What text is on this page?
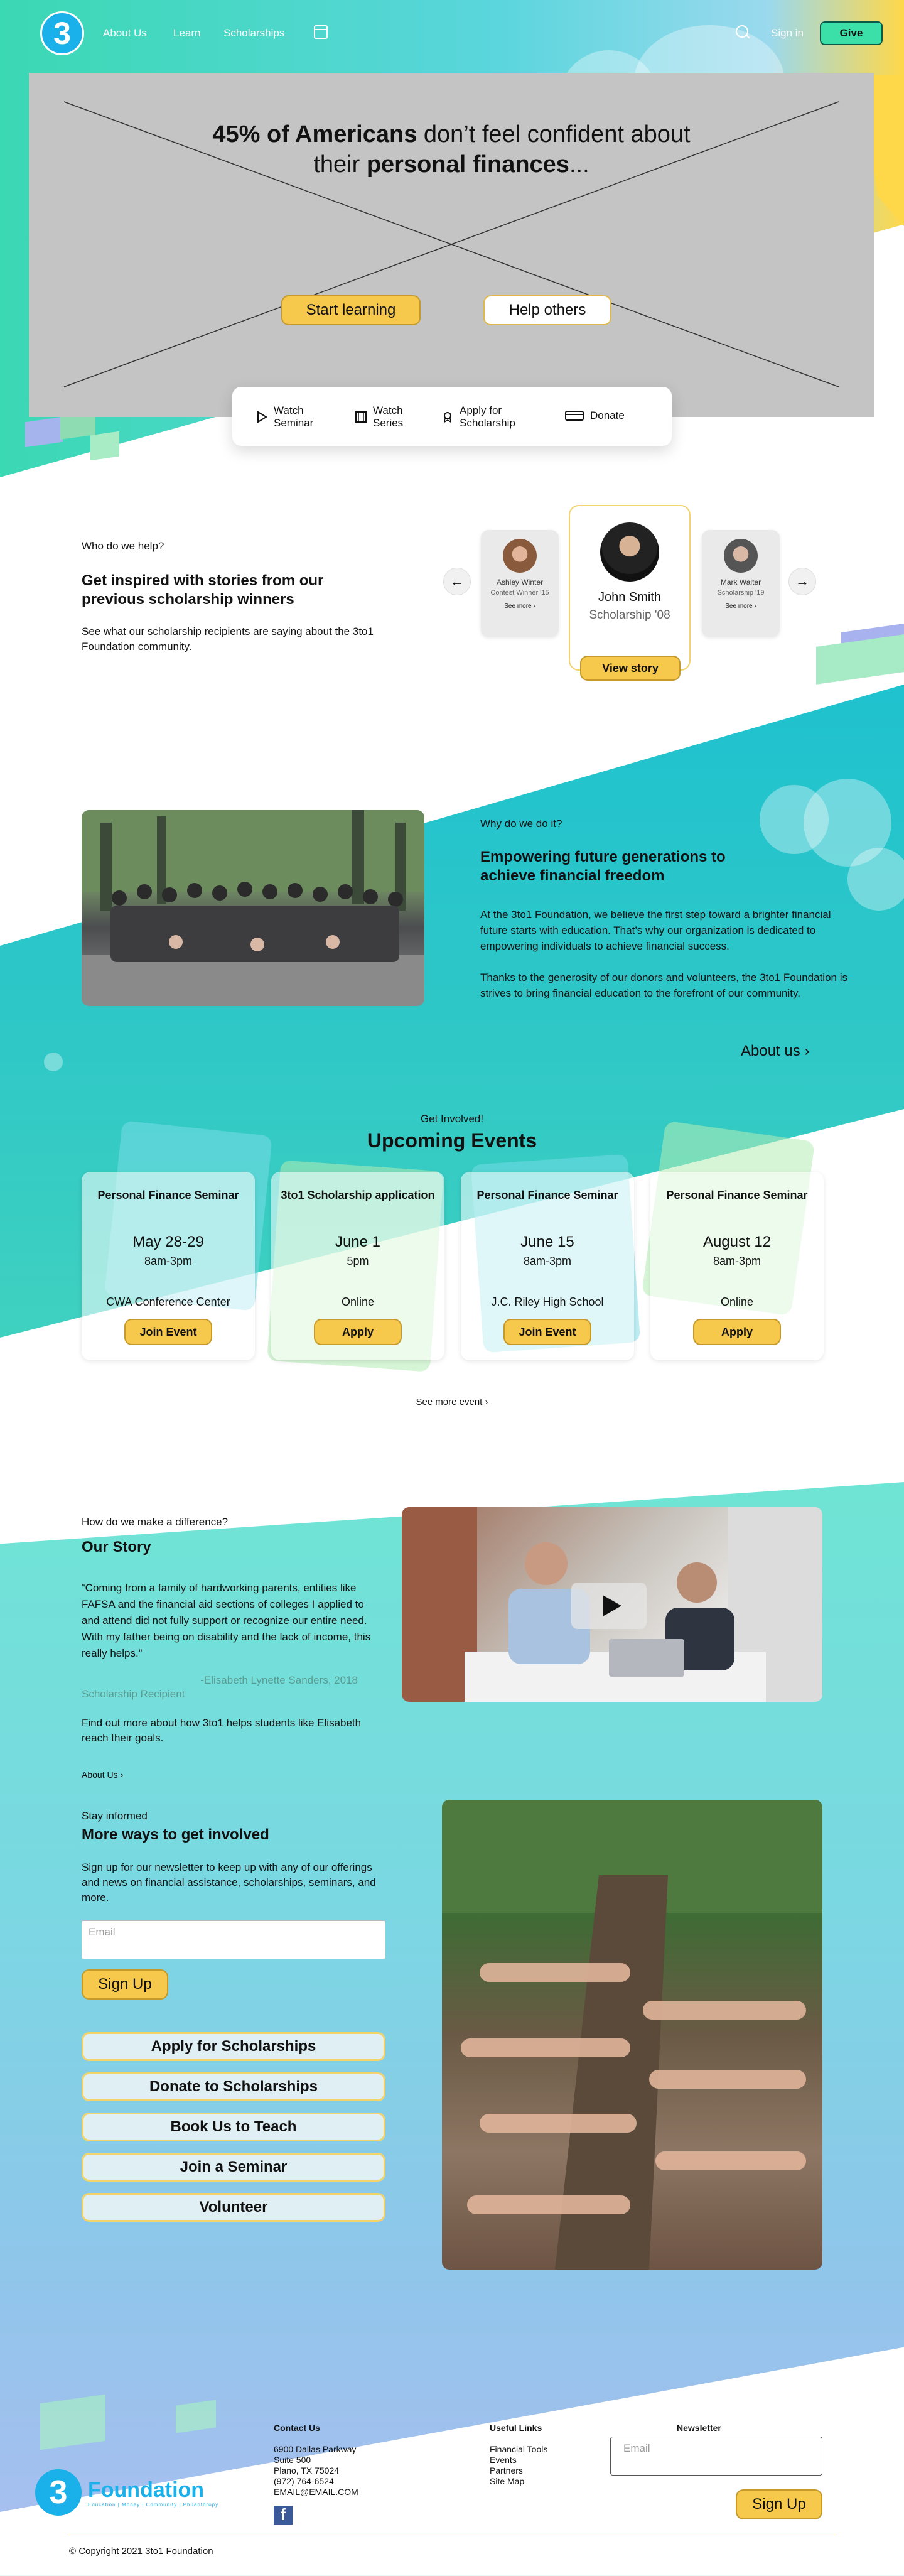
3	About Us Learn Scholarships	Sign in	Give
45% of Americans don’t feel confident about
their personal finances...
Start learning	Help others
Watch
Seminar
Watch
Series
Apply for
Scholarship
Donate
Who do we help?
Get inspired with stories from our previous scholarship winners
See what our scholarship recipients are saying about the 3to1 Foundation community.
←	Ashley Winter
Contest Winner '15
See more ›
John Smith
Scholarship '08
View story
Mark Walter
Scholarship '19
See more ›
→
Why do we do it?
Empowering future generations to achieve financial freedom
At the 3to1 Foundation, we believe the first step toward a brighter financial future starts with education. That’s why our organization is dedicated to empowering individuals to achieve financial success.
Thanks to the generosity of our donors and volunteers, the 3to1 Foundation is strives to bring financial education to the forefront of our community.
About us ›
Get Involved!
Upcoming Events
Personal Finance Seminar
May 28-29
8am-3pm
CWA Conference Center
Join Event
3to1 Scholarship application
June 1
5pm
Online
Apply
Personal Finance Seminar
June 15
8am-3pm
J.C. Riley High School
Join Event
Personal Finance Seminar
August 12
8am-3pm
Online
Apply
See more event ›
How do we make a difference?
Our Story
“Coming from a family of hardworking parents, entities like FAFSA and the financial aid sections of colleges I applied to and attend did not fully support or recognize our entire need. With my father being on disability and the lack of income, this really helps.”
-Elisabeth Lynette Sanders, 2018
Scholarship Recipient
Find out more about how 3to1 helps students like Elisabeth reach their goals.
About Us ›
Stay informed
More ways to get involved
Sign up for our newsletter to keep up with any of our offerings and news on financial assistance, scholarships, seminars, and more.
Email
Sign Up
Apply for Scholarships
Donate to Scholarships
Book Us to Teach
Join a Seminar
Volunteer
3 Foundation
Education | Money | Community | Philanthropy
Contact Us
6900 Dallas Parkway
Suite 500
Plano, TX 75024
(972) 764-6524
EMAIL@EMAIL.COM
f
Useful Links
Financial Tools
Events
Partners
Site Map
Newsletter
Email
Sign Up
© Copyright 2021 3to1 Foundation
